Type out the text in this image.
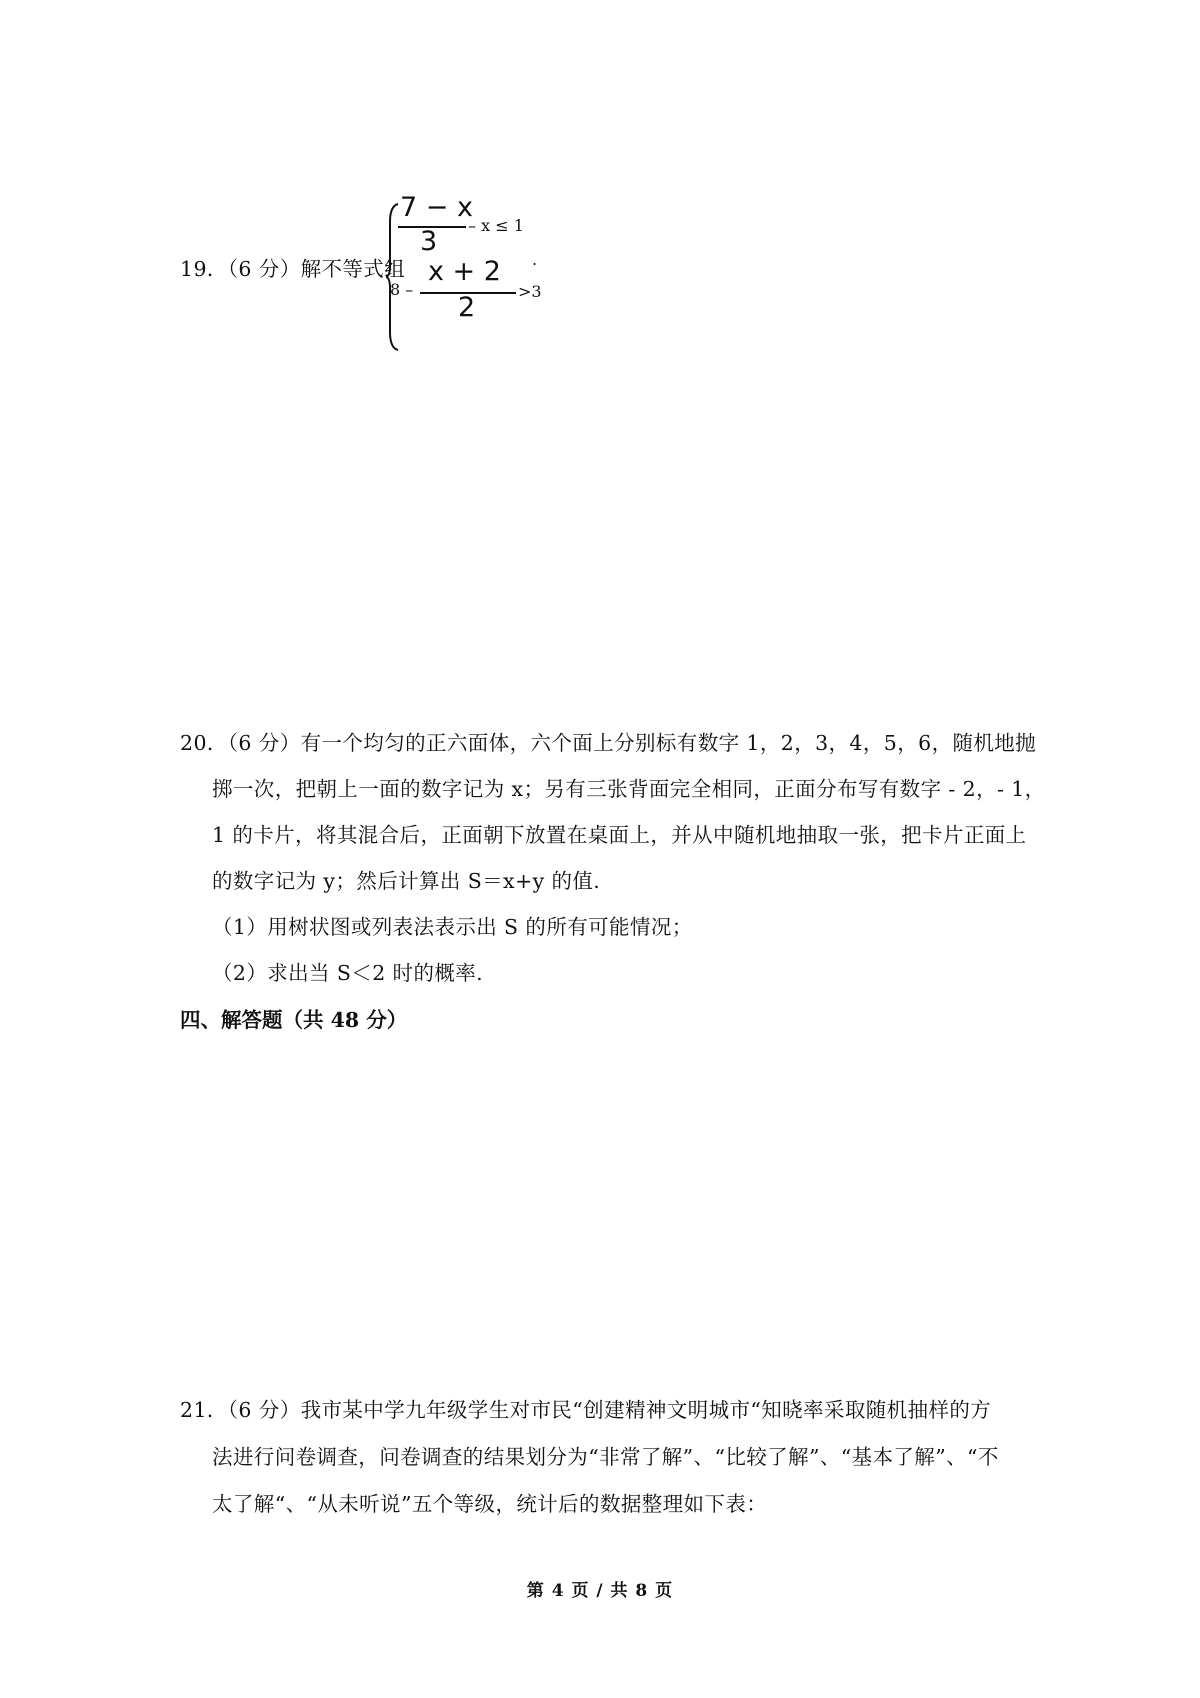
19．（6 分）解不等式组
7 − x
3
– x ≤ 1
8 –
x + 2
2
>3
.
20．（6 分）有一个均匀的正六面体，六个面上分别标有数字 1，2，3，4，5，6，随机地抛
掷一次，把朝上一面的数字记为 x；另有三张背面完全相同，正面分布写有数字 ‑ 2，‑ 1，
1 的卡片，将其混合后，正面朝下放置在桌面上，并从中随机地抽取一张，把卡片正面上
的数字记为 y；然后计算出 S＝x+y 的值.
（1）用树状图或列表法表示出 S 的所有可能情况；
（2）求出当 S＜2 时的概率.
四、解答题（共 48 分）
21．（6 分）我市某中学九年级学生对市民“创建精神文明城市“知晓率采取随机抽样的方
法进行问卷调查，问卷调查的结果划分为“非常了解”、“比较了解”、“基本了解”、“不
太了解“、“从未听说”五个等级，统计后的数据整理如下表：
第 4 页 / 共 8 页
